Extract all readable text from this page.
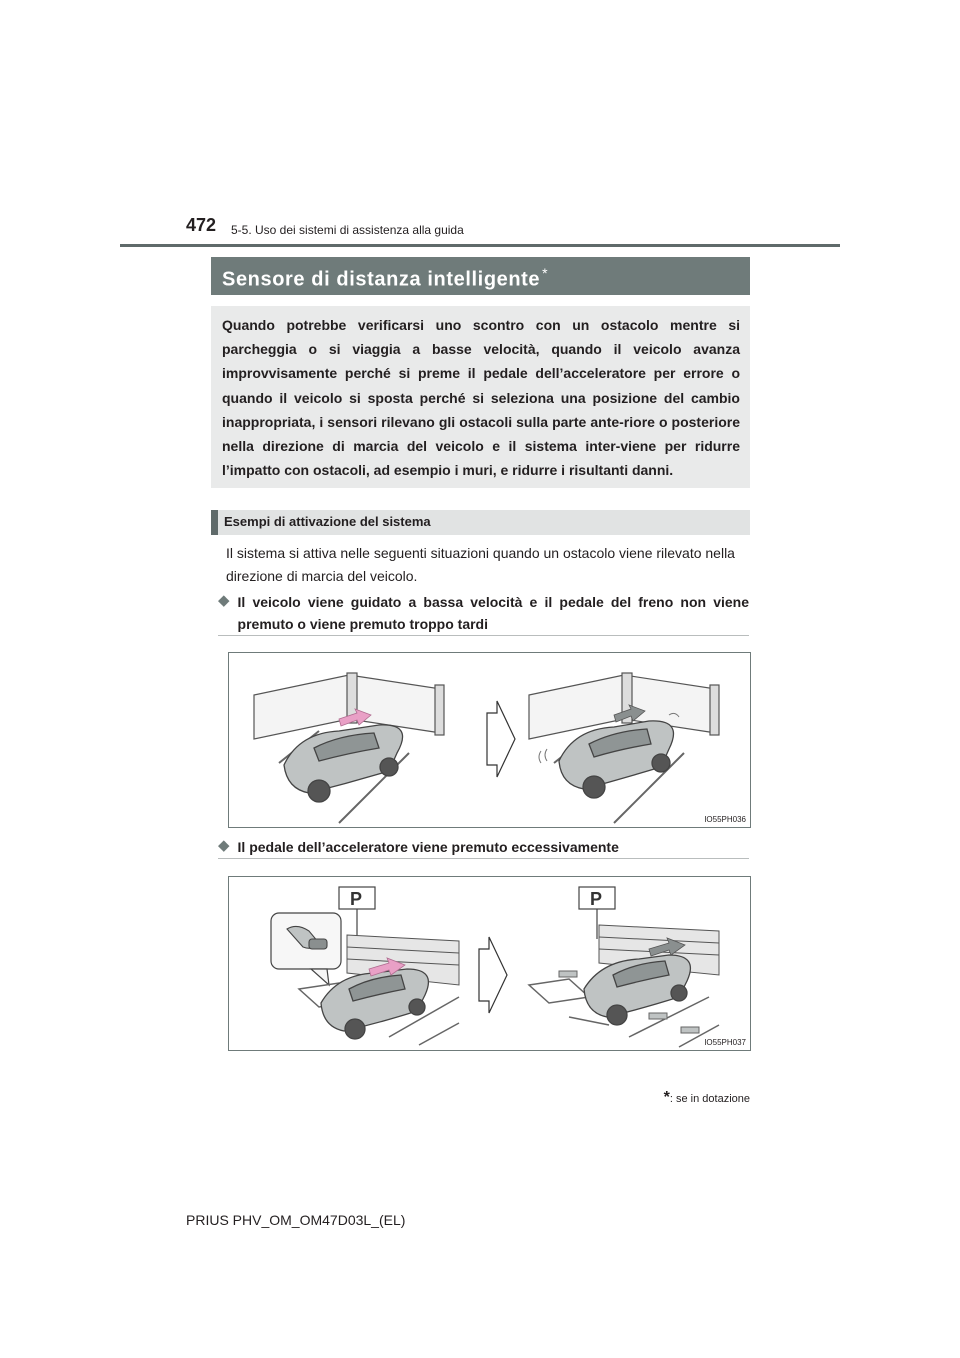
472 5-5. Uso dei sistemi di assistenza alla guida
Sensore di distanza intelligente *
Quando potrebbe verificarsi uno scontro con un ostacolo mentre si parcheggia o si viaggia a basse velocità, quando il veicolo avanza improvvisamente perché si preme il pedale dell’acceleratore per errore o quando il veicolo si sposta perché si seleziona una posizione del cambio inappropriata, i sensori rilevano gli ostacoli sulla parte ante-riore o posteriore nella direzione di marcia del veicolo e il sistema inter-viene per ridurre l’impatto con ostacoli, ad esempio i muri, e ridurre i risultanti danni.
Esempi di attivazione del sistema
Il sistema si attiva nelle seguenti situazioni quando un ostacolo viene rilevato nella direzione di marcia del veicolo.
◆ Il veicolo viene guidato a bassa velocità e il pedale del freno non viene premuto o viene premuto troppo tardi
IO55PH036
◆ Il pedale dell’acceleratore viene premuto eccessivamente
P	P
IO55PH037
*: se in dotazione
PRIUS PHV_OM_OM47D03L_(EL)
